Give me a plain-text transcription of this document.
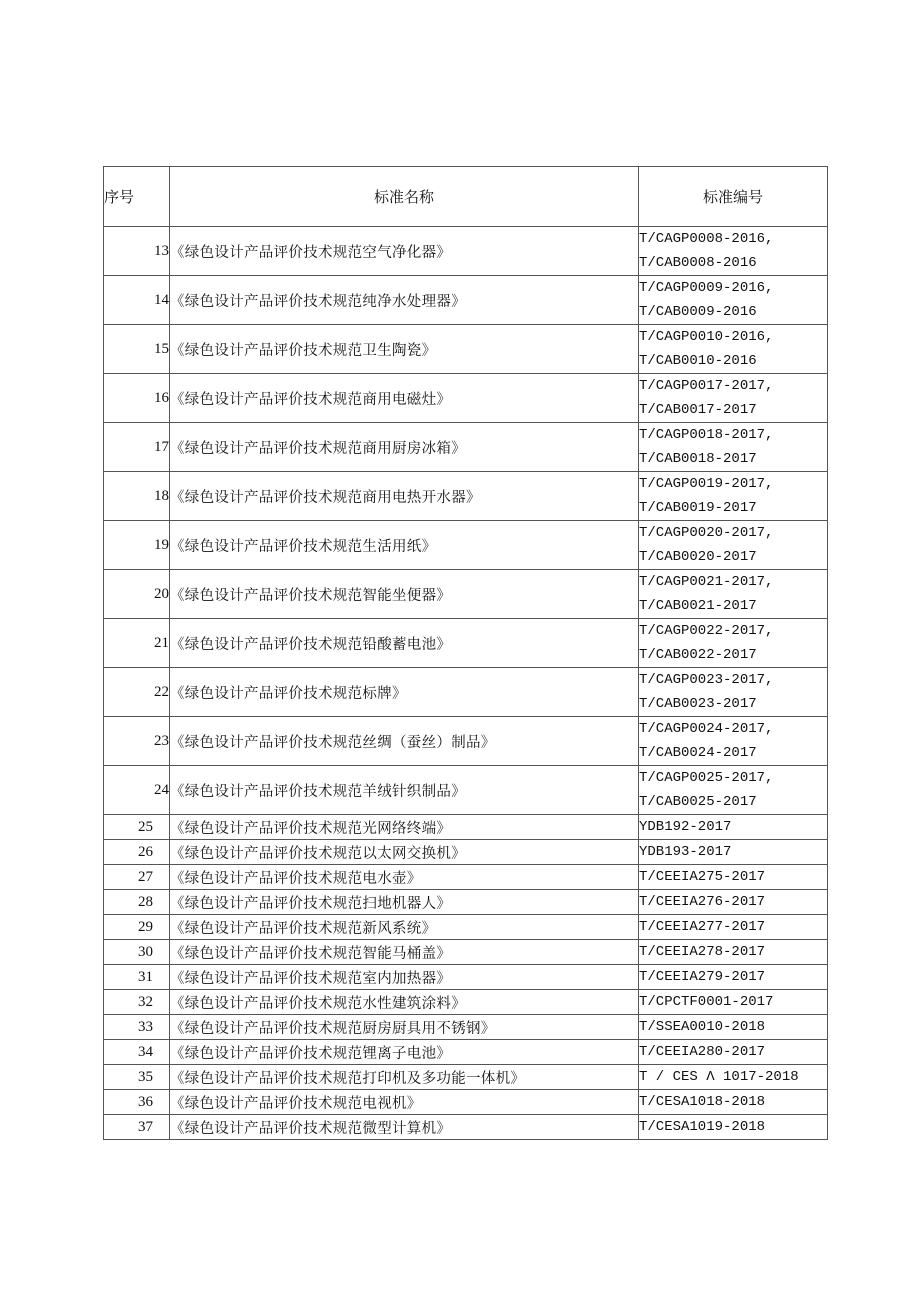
序号	标准名称	标准编号
13	《绿色设计产品评价技术规范空气净化器》	T/CAGP0008-2016,
T/CAB0008-2016

14	《绿色设计产品评价技术规范纯净水处理器》	T/CAGP0009-2016,
T/CAB0009-2016

15	《绿色设计产品评价技术规范卫生陶瓷》	T/CAGP0010-2016,
T/CAB0010-2016

16	《绿色设计产品评价技术规范商用电磁灶》	T/CAGP0017-2017,
T/CAB0017-2017

17	《绿色设计产品评价技术规范商用厨房冰箱》	T/CAGP0018-2017,
T/CAB0018-2017

18	《绿色设计产品评价技术规范商用电热开水器》	T/CAGP0019-2017,
T/CAB0019-2017

19	《绿色设计产品评价技术规范生活用纸》	T/CAGP0020-2017,
T/CAB0020-2017

20	《绿色设计产品评价技术规范智能坐便器》	T/CAGP0021-2017,
T/CAB0021-2017

21	《绿色设计产品评价技术规范铅酸蓄电池》	T/CAGP0022-2017,
T/CAB0022-2017

22	《绿色设计产品评价技术规范标牌》	T/CAGP0023-2017,
T/CAB0023-2017

23	《绿色设计产品评价技术规范丝绸（蚕丝）制品》	T/CAGP0024-2017,
T/CAB0024-2017

24	《绿色设计产品评价技术规范羊绒针织制品》	T/CAGP0025-2017,
T/CAB0025-2017

25	《绿色设计产品评价技术规范光网络终端》	YDB192-2017
26	《绿色设计产品评价技术规范以太网交换机》	YDB193-2017
27	《绿色设计产品评价技术规范电水壶》	T/CEEIA275-2017
28	《绿色设计产品评价技术规范扫地机器人》	T/CEEIA276-2017
29	《绿色设计产品评价技术规范新风系统》	T/CEEIA277-2017
30	《绿色设计产品评价技术规范智能马桶盖》	T/CEEIA278-2017
31	《绿色设计产品评价技术规范室内加热器》	T/CEEIA279-2017
32	《绿色设计产品评价技术规范水性建筑涂料》	T/CPCTF0001-2017
33	《绿色设计产品评价技术规范厨房厨具用不锈钢》	T/SSEA0010-2018
34	《绿色设计产品评价技术规范锂离子电池》	T/CEEIA280-2017
35	《绿色设计产品评价技术规范打印机及多功能一体机》	T / CES Λ 1017-2018
36	《绿色设计产品评价技术规范电视机》	T/CESA1018-2018
37	《绿色设计产品评价技术规范微型计算机》	T/CESA1019-2018
